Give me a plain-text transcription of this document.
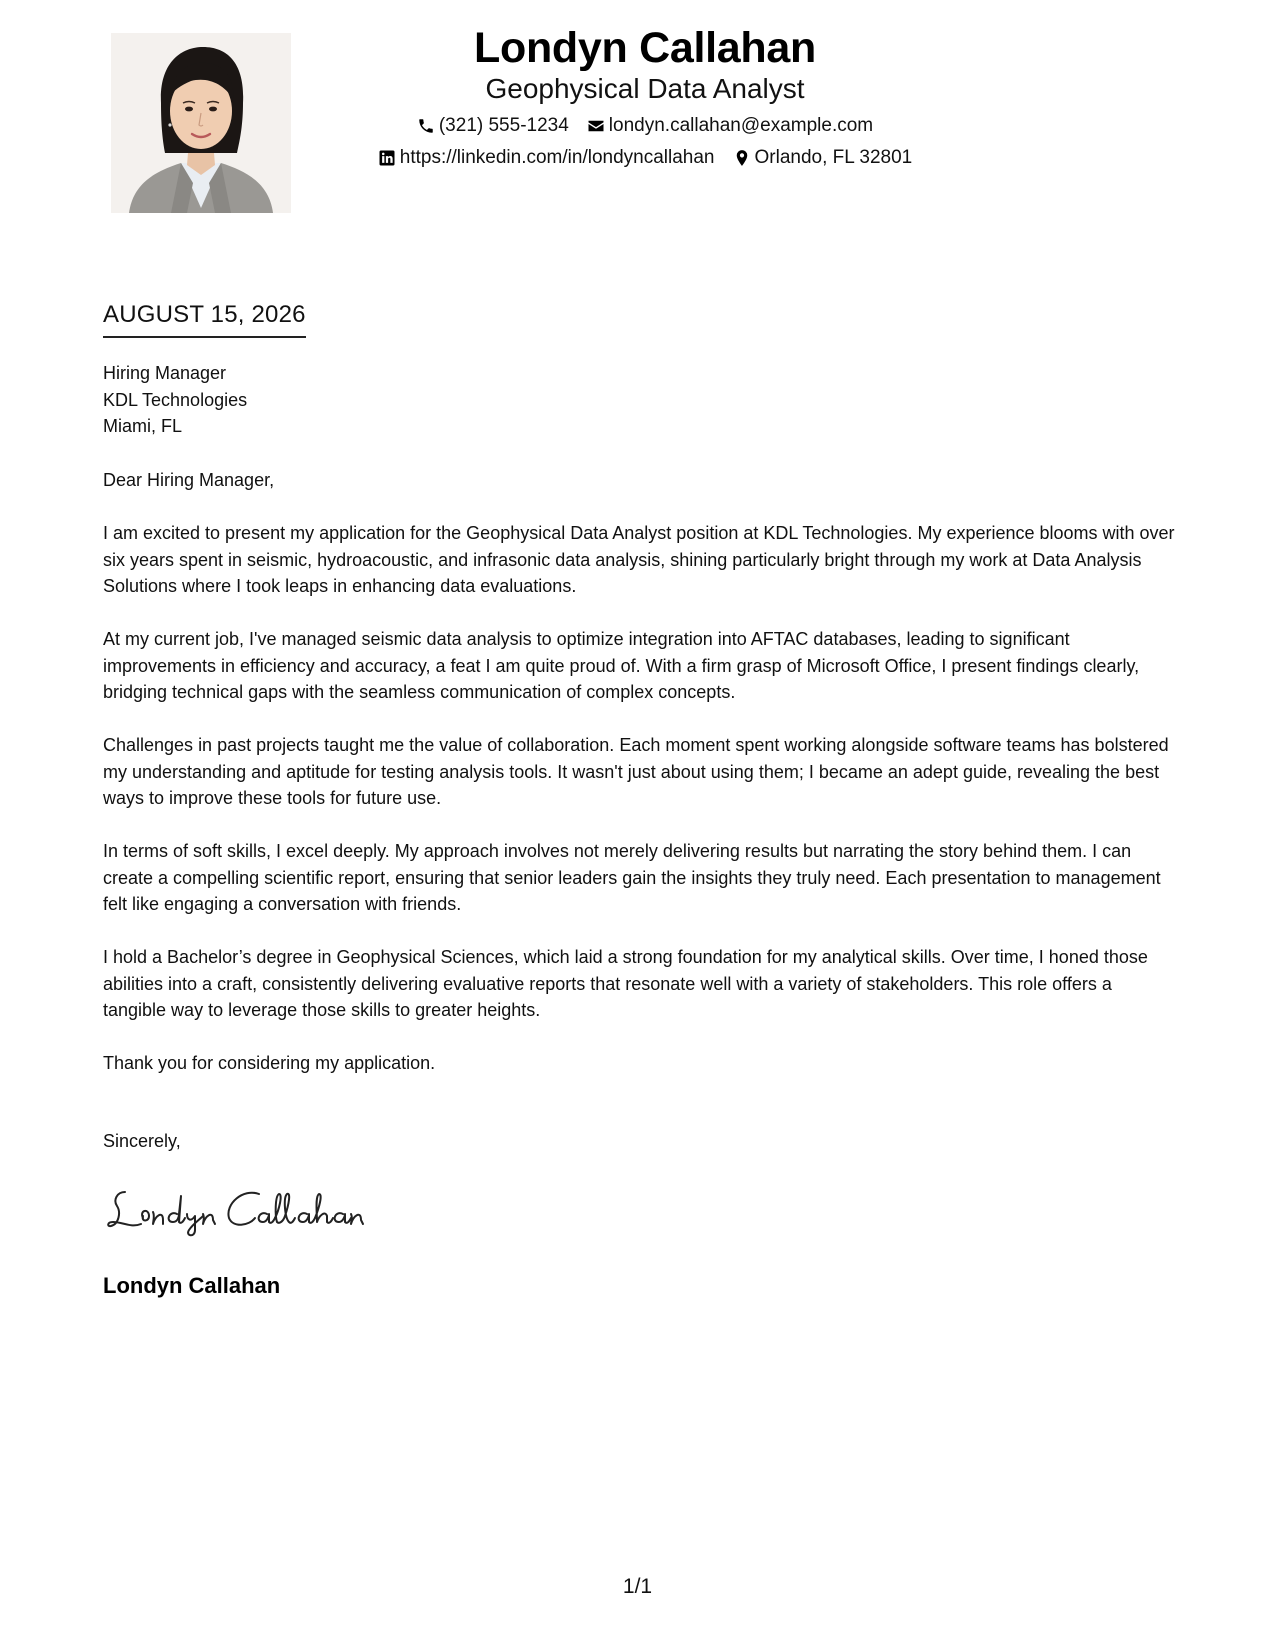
Londyn Callahan
Geophysical Data Analyst
(321) 555-1234 londyn.callahan@example.com
https://linkedin.com/in/londyncallahan Orlando, FL 32801
AUGUST 15, 2026
Hiring Manager
KDL Technologies
Miami, FL

Dear Hiring Manager,

I am excited to present my application for the Geophysical Data Analyst position at KDL Technologies. My experience blooms with over six years spent in seismic, hydroacoustic, and infrasonic data analysis, shining particularly bright through my work at Data Analysis Solutions where I took leaps in enhancing data evaluations.

At my current job, I've managed seismic data analysis to optimize integration into AFTAC databases, leading to significant improvements in efficiency and accuracy, a feat I am quite proud of. With a firm grasp of Microsoft Office, I present findings clearly, bridging technical gaps with the seamless communication of complex concepts.

Challenges in past projects taught me the value of collaboration. Each moment spent working alongside software teams has bolstered my understanding and aptitude for testing analysis tools. It wasn't just about using them; I became an adept guide, revealing the best ways to improve these tools for future use.

In terms of soft skills, I excel deeply. My approach involves not merely delivering results but narrating the story behind them. I can create a compelling scientific report, ensuring that senior leaders gain the insights they truly need. Each presentation to management felt like engaging a conversation with friends.

I hold a Bachelor’s degree in Geophysical Sciences, which laid a strong foundation for my analytical skills. Over time, I honed those abilities into a craft, consistently delivering evaluative reports that resonate well with a variety of stakeholders. This role offers a tangible way to leverage those skills to greater heights.

Thank you for considering my application.

Sincerely,
Londyn Callahan
1/1
